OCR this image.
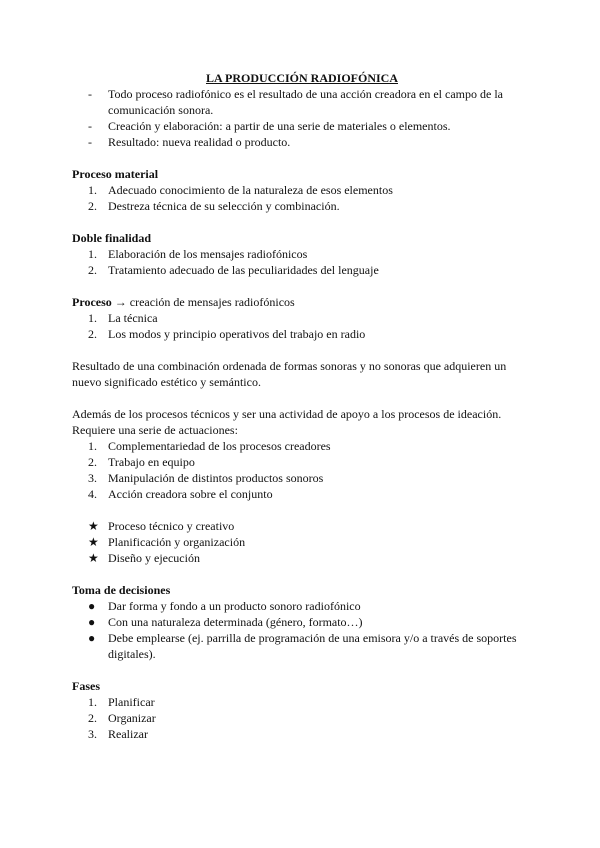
LA PRODUCCIÓN RADIOFÓNICA

-	Todo proceso radiofónico es el resultado de una acción creadora en el campo de la comunicación sonora.
-	Creación y elaboración: a partir de una serie de materiales o elementos.
-	Resultado: nueva realidad o producto.

Proceso material

1. Adecuado conocimiento de la naturaleza de esos elementos
2. Destreza técnica de su selección y combinación.

Doble finalidad

1. Elaboración de los mensajes radiofónicos
2. Tratamiento adecuado de las peculiaridades del lenguaje

Proceso → creación de mensajes radiofónicos

1. La técnica
2. Los modos y principio operativos del trabajo en radio

Resultado de una combinación ordenada de formas sonoras y no sonoras que adquieren un nuevo significado estético y semántico.

Además de los procesos técnicos y ser una actividad de apoyo a los procesos de ideación. Requiere una serie de actuaciones:

1. Complementariedad de los procesos creadores
2. Trabajo en equipo
3. Manipulación de distintos productos sonoros
4. Acción creadora sobre el conjunto
★ Proceso técnico y creativo
★ Planificación y organización
★ Diseño y ejecución

Toma de decisiones

●	Dar forma y fondo a un producto sonoro radiofónico
●	Con una naturaleza determinada (género, formato…)
●	Debe emplearse (ej. parrilla de programación de una emisora y/o a través de soportes digitales).

Fases

1. Planificar
2. Organizar
3. Realizar
